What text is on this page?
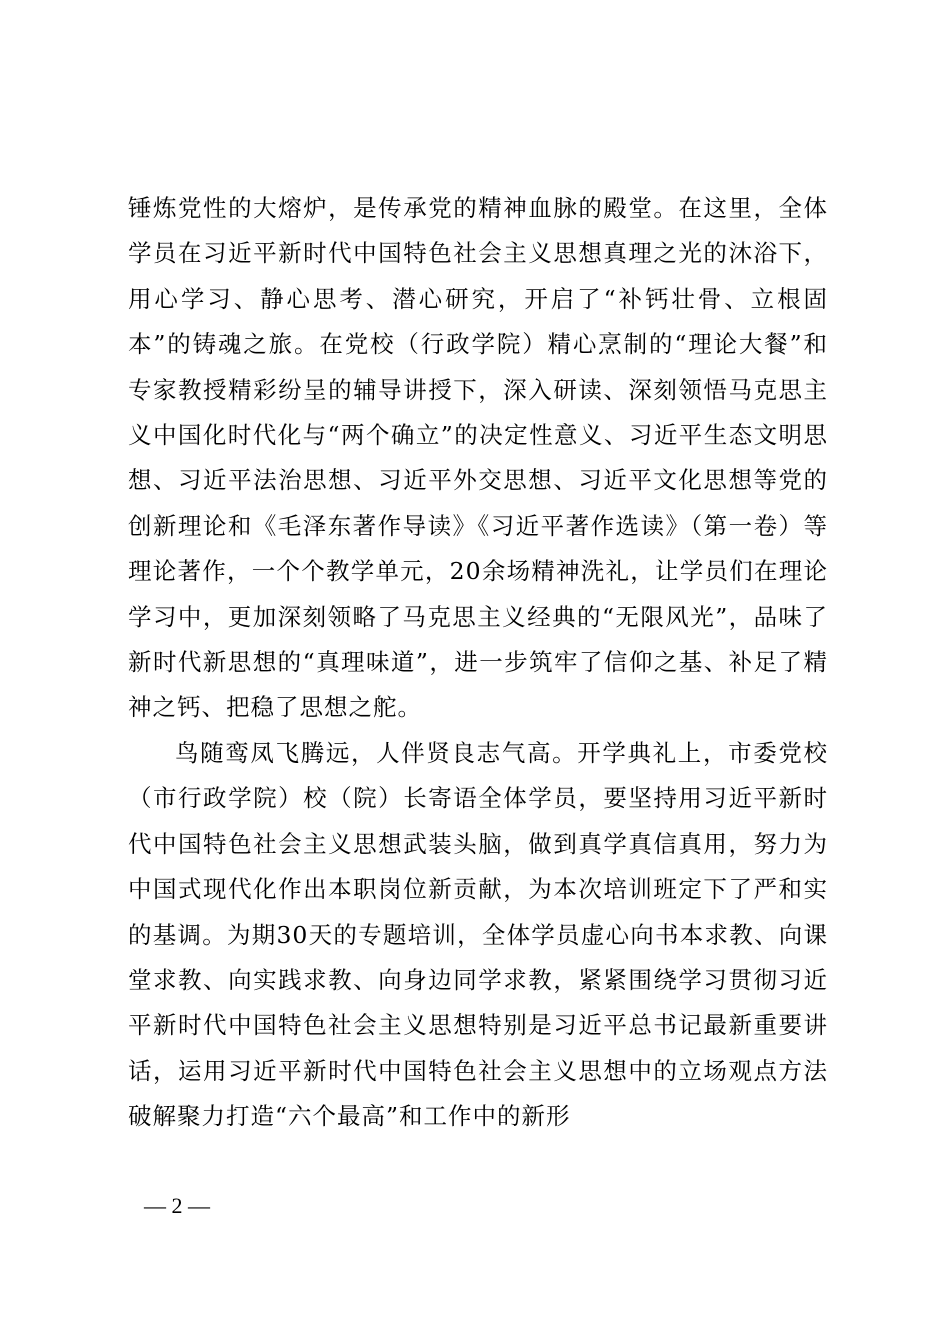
锤炼党性的大熔炉，是传承党的精神血脉的殿堂。在这里，全体学员在习近平新时代中国特色社会主义思想真理之光的沐浴下，用心学习、静心思考、潜心研究，开启了“补钙壮骨、立根固本”的铸魂之旅。在党校（行政学院）精心烹制的“理论大餐”和专家教授精彩纷呈的辅导讲授下，深入研读、深刻领悟马克思主义中国化时代化与“两个确立”的决定性意义、习近平生态文明思想、习近平法治思想、习近平外交思想、习近平文化思想等党的创新理论和《毛泽东著作导读》《习近平著作选读》（第一卷）等理论著作，一个个教学单元，20余场精神洗礼，让学员们在理论学习中，更加深刻领略了马克思主义经典的“无限风光”，品味了新时代新思想的“真理味道”，进一步筑牢了信仰之基、补足了精神之钙、把稳了思想之舵。

鸟随鸾凤飞腾远，人伴贤良志气高。开学典礼上，市委党校（市行政学院）校（院）长寄语全体学员，要坚持用习近平新时代中国特色社会主义思想武装头脑，做到真学真信真用，努力为中国式现代化作出本职岗位新贡献，为本次培训班定下了严和实的基调。为期30天的专题培训，全体学员虚心向书本求教、向课堂求教、向实践求教、向身边同学求教，紧紧围绕学习贯彻习近平新时代中国特色社会主义思想特别是习近平总书记最新重要讲话，运用习近平新时代中国特色社会主义思想中的立场观点方法破解聚力打造“六个最高”和工作中的新形

— 2 —
